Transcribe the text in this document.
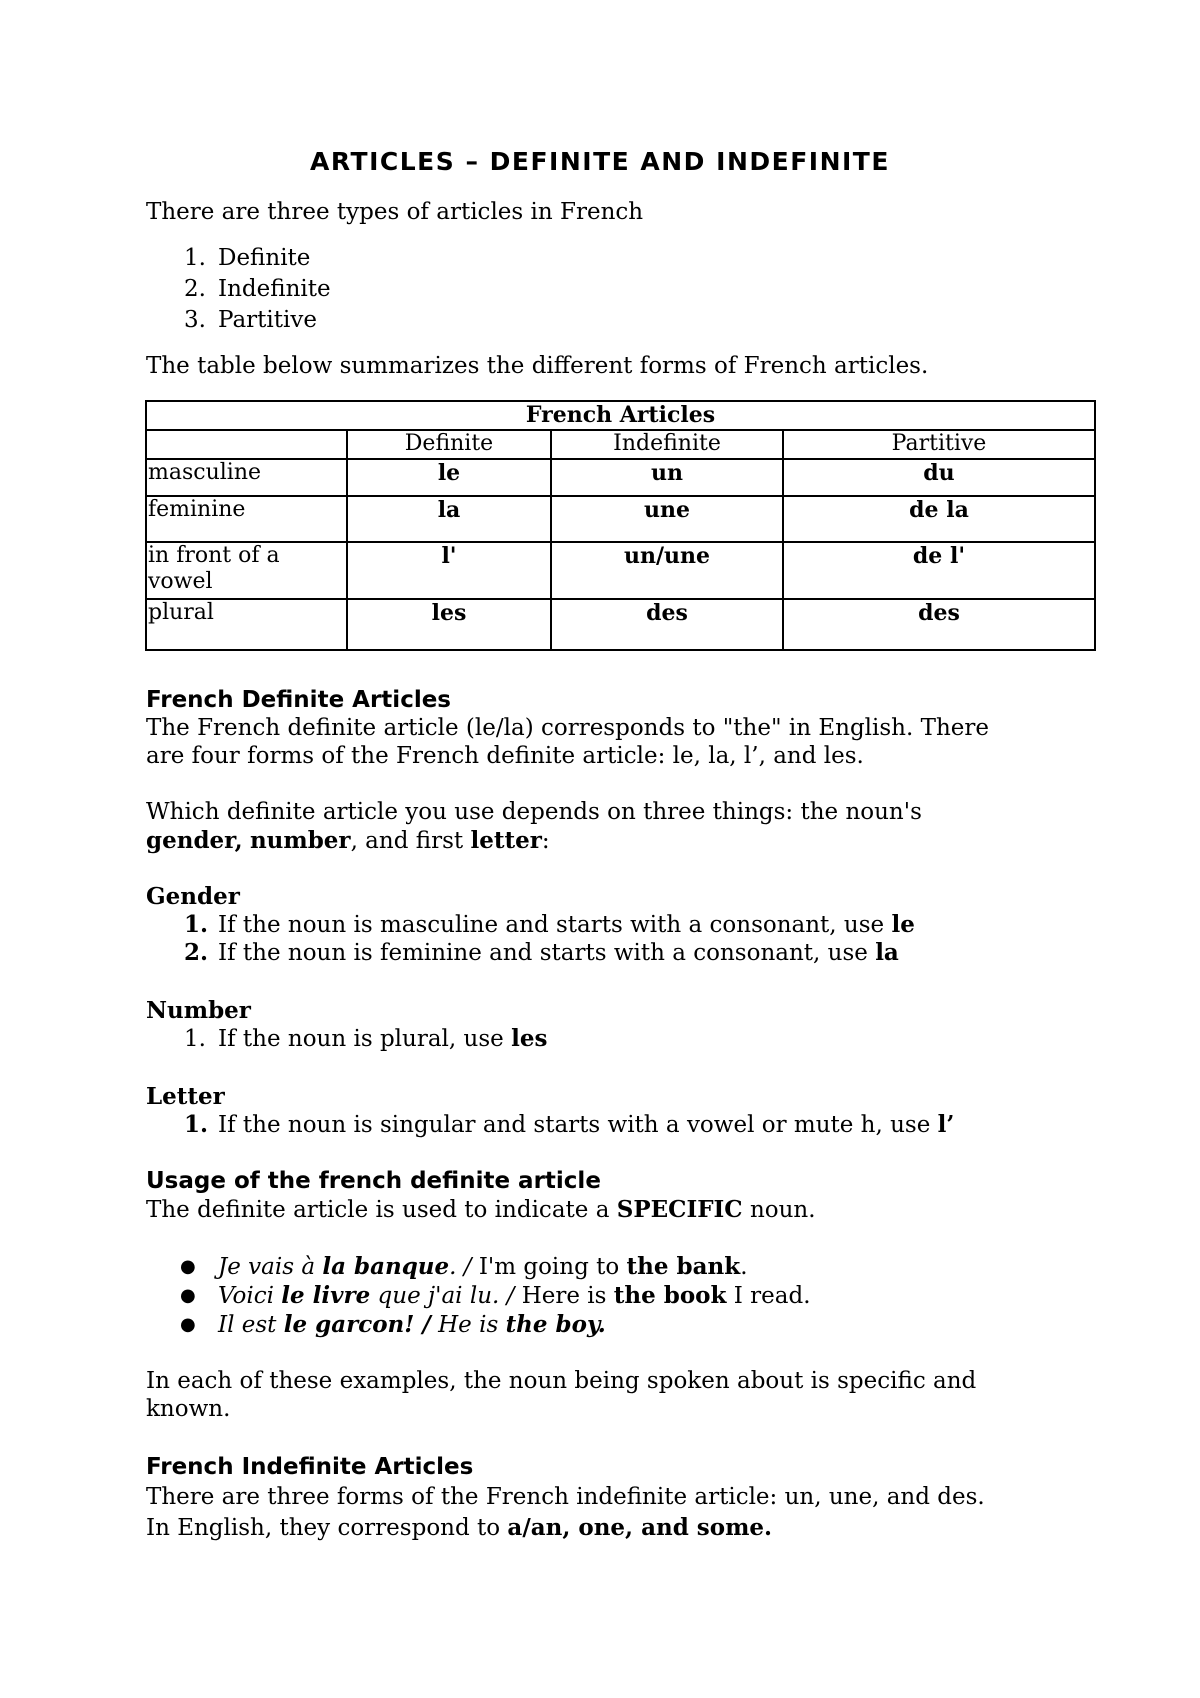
ARTICLES – DEFINITE AND INDEFINITE
There are three types of articles in French
1. Definite
2. Indefinite
3. Partitive
The table below summarizes the different forms of French articles.
French Articles			
	Definite	Indefinite	Partitive
masculine	le	un	du
feminine	la	une	de la
in front of a vowel	l'	un/une	de l'
plural	les	des	des
French Definite Articles
The French definite article (le/la) corresponds to "the" in English. There
are four forms of the French definite article: le, la, l’, and les.
Which definite article you use depends on three things: the noun's
gender, number, and first letter:
Gender
1. If the noun is masculine and starts with a consonant, use le
2. If the noun is feminine and starts with a consonant, use la
Number
1. If the noun is plural, use les
Letter
1. If the noun is singular and starts with a vowel or mute h, use l’
Usage of the french definite article
The definite article is used to indicate a SPECIFIC noun.
● Je vais à la banque. / I'm going to the bank.
● Voici le livre que j'ai lu. / Here is the book I read.
● Il est le garcon! / He is the boy.
In each of these examples, the noun being spoken about is specific and
known.
French Indefinite Articles
There are three forms of the French indefinite article: un, une, and des.
In English, they correspond to a/an, one, and some.
